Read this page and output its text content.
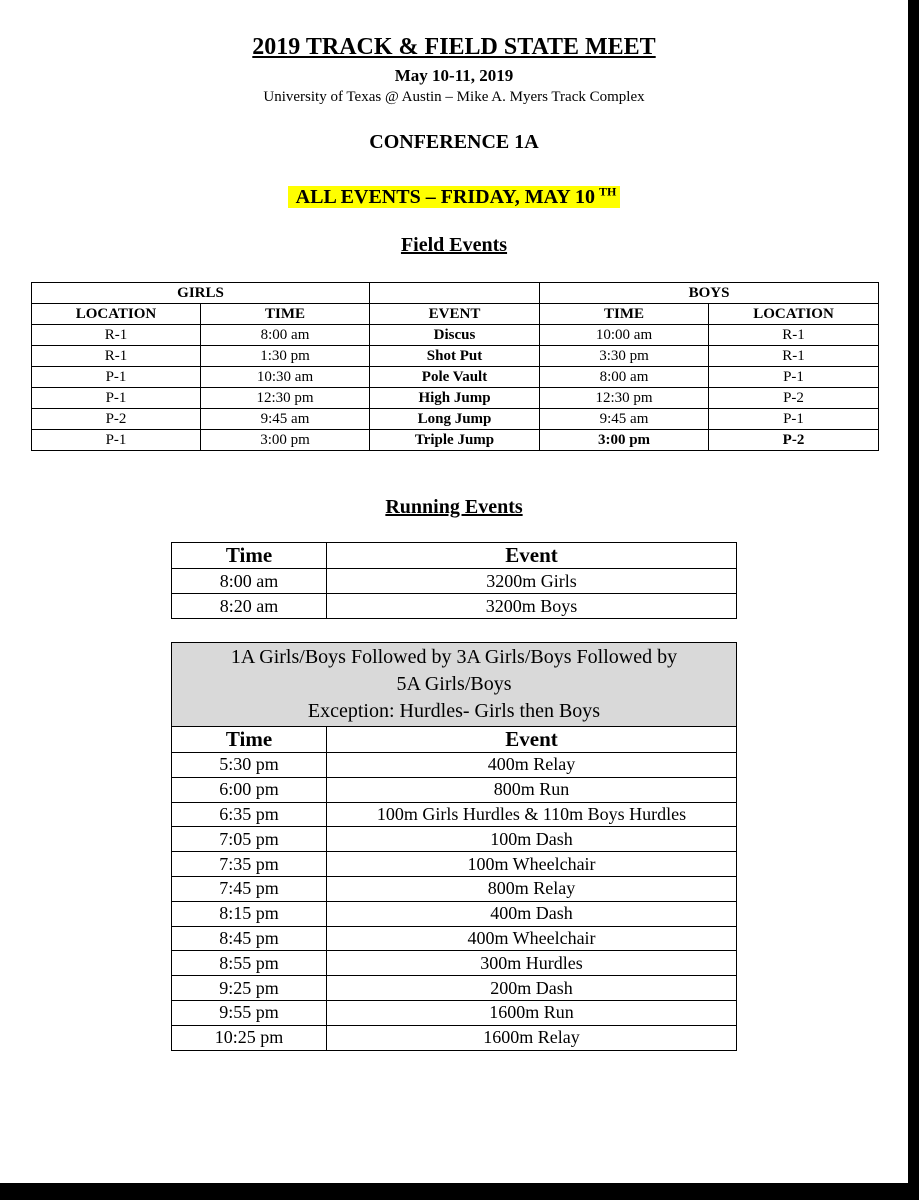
2019 TRACK & FIELD STATE MEET
May 10-11, 2019
University of Texas @ Austin – Mike A. Myers Track Complex
CONFERENCE 1A
ALL EVENTS – FRIDAY, MAY 10 $^{TH}$
Field Events
GIRLS			BOYS	
LOCATION	TIME	EVENT	TIME	LOCATION
R-1	8:00 am	Discus	10:00 am	R-1
R-1	1:30 pm	Shot Put	3:30 pm	R-1
P-1	10:30 am	Pole Vault	8:00 am	P-1
P-1	12:30 pm	High Jump	12:30 pm	P-2
P-2	9:45 am	Long Jump	9:45 am	P-1
P-1	3:00 pm	Triple Jump	3:00 pm	P-2
Running Events
Time	Event
8:00 am	3200m Girls
8:20 am	3200m Boys
1A Girls/Boys Followed by 3A Girls/Boys Followed by
5A Girls/Boys
Exception: Hurdles- Girls then Boys	

Time	Event
5:30 pm	400m Relay
6:00 pm	800m Run
6:35 pm	100m Girls Hurdles & 110m Boys Hurdles
7:05 pm	100m Dash
7:35 pm	100m Wheelchair
7:45 pm	800m Relay
8:15 pm	400m Dash
8:45 pm	400m Wheelchair
8:55 pm	300m Hurdles
9:25 pm	200m Dash
9:55 pm	1600m Run
10:25 pm	1600m Relay
